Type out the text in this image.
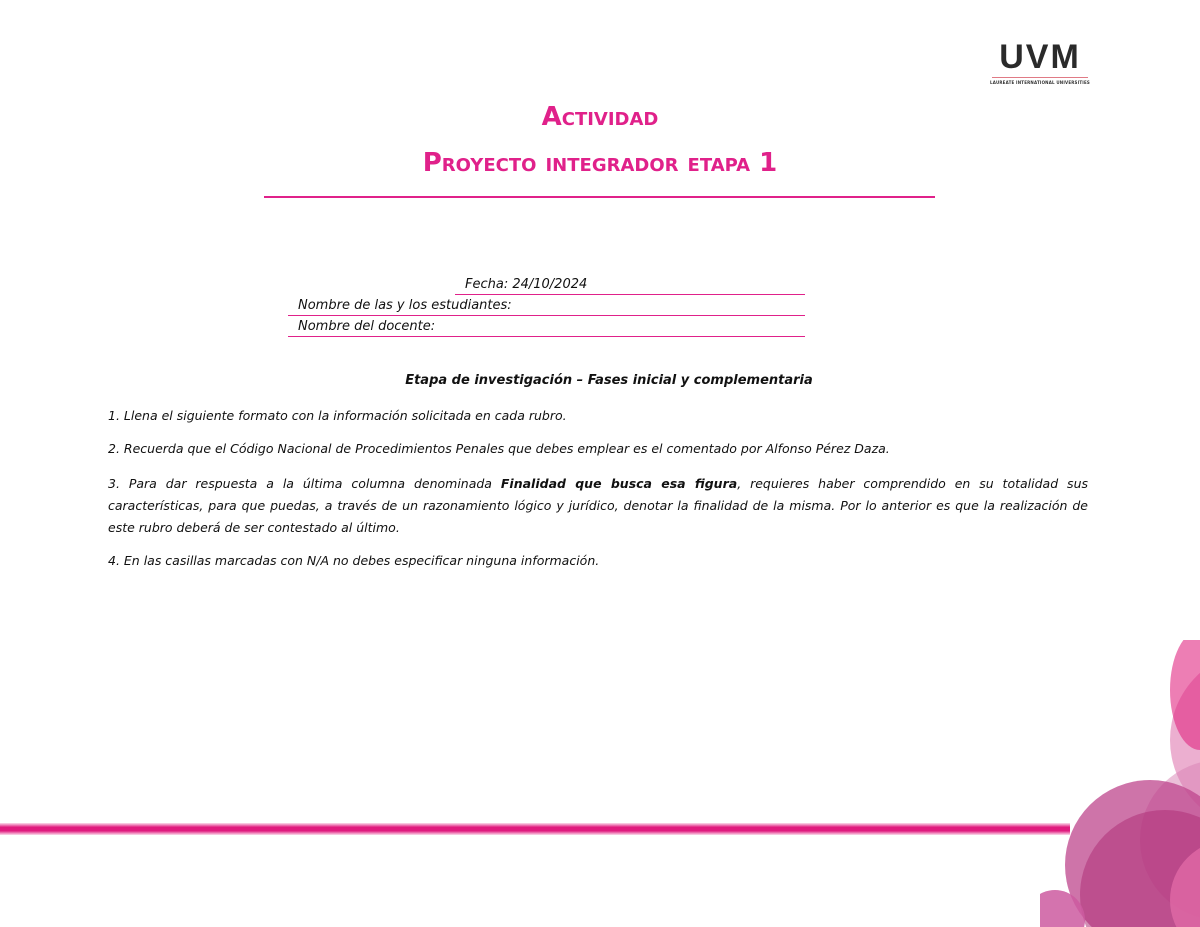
UVM
LAUREATE INTERNATIONAL UNIVERSITIES
Actividad
Proyecto integrador etapa 1
Fecha: 24/10/2024
Nombre de las y los estudiantes:
Nombre del docente:
Etapa de investigación – Fases inicial y complementaria

1. Llena el siguiente formato con la información solicitada en cada rubro.

2. Recuerda que el Código Nacional de Procedimientos Penales que debes emplear es el comentado por Alfonso Pérez Daza.

3. Para dar respuesta a la última columna denominada Finalidad que busca esa figura, requieres haber comprendido en su totalidad sus características, para que puedas, a través de un razonamiento lógico y jurídico, denotar la finalidad de la misma. Por lo anterior es que la realización de este rubro deberá de ser contestado al último.

4. En las casillas marcadas con N/A no debes especificar ninguna información.
